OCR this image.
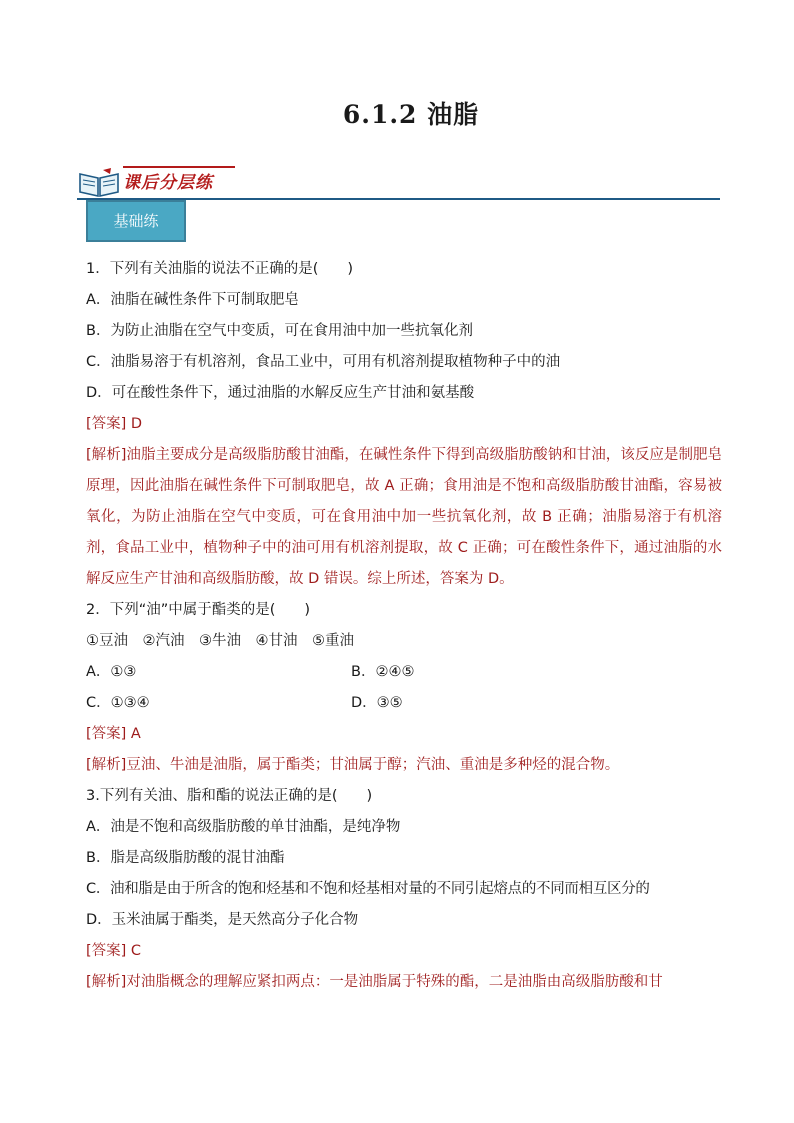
6.1.2 油脂
课后分层练
基础练
1．下列有关油脂的说法不正确的是(　　)
A．油脂在碱性条件下可制取肥皂
B．为防止油脂在空气中变质，可在食用油中加一些抗氧化剂
C．油脂易溶于有机溶剂，食品工业中，可用有机溶剂提取植物种子中的油
D．可在酸性条件下，通过油脂的水解反应生产甘油和氨基酸
[答案] D
[解析]油脂主要成分是高级脂肪酸甘油酯，在碱性条件下得到高级脂肪酸钠和甘油，该反应是制肥皂原理，因此油脂在碱性条件下可制取肥皂，故 A 正确；食用油是不饱和高级脂肪酸甘油酯，容易被氧化，为防止油脂在空气中变质，可在食用油中加一些抗氧化剂，故 B 正确；油脂易溶于有机溶剂，食品工业中，植物种子中的油可用有机溶剂提取，故 C 正确；可在酸性条件下，通过油脂的水解反应生产甘油和高级脂肪酸，故 D 错误。综上所述，答案为 D。
2．下列“油”中属于酯类的是(　　)
①豆油　②汽油　③牛油　④甘油　⑤重油
A．①③	B．②④⑤
C．①③④	D．③⑤
[答案] A
[解析]豆油、牛油是油脂，属于酯类；甘油属于醇；汽油、重油是多种烃的混合物。
3.下列有关油、脂和酯的说法正确的是(　　)
A．油是不饱和高级脂肪酸的单甘油酯，是纯净物
B．脂是高级脂肪酸的混甘油酯
C．油和脂是由于所含的饱和烃基和不饱和烃基相对量的不同引起熔点的不同而相互区分的
D．玉米油属于酯类，是天然高分子化合物
[答案] C
[解析]对油脂概念的理解应紧扣两点：一是油脂属于特殊的酯，二是油脂由高级脂肪酸和甘
